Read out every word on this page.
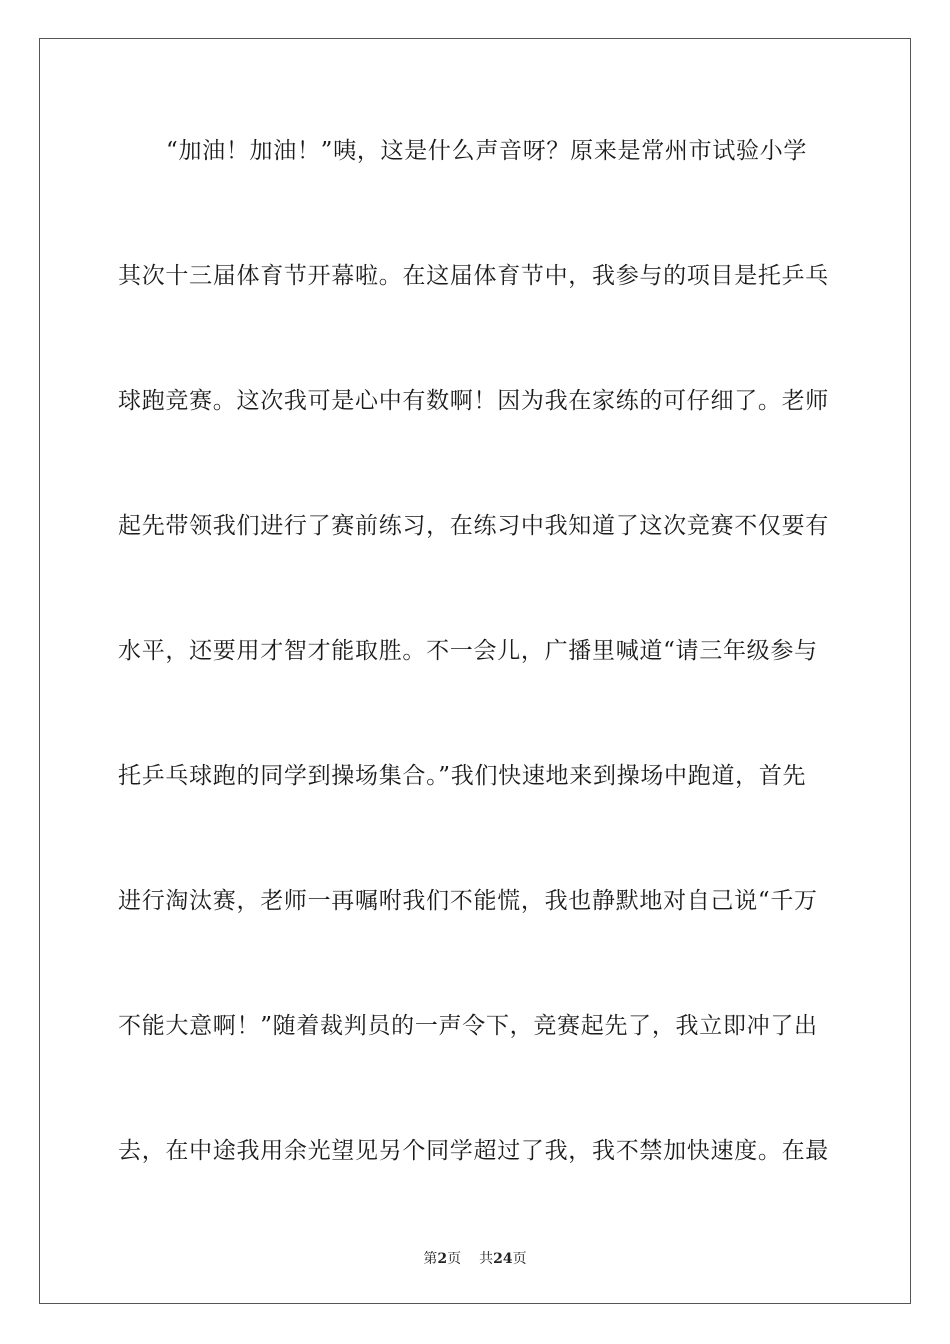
“加油！加油！”咦，这是什么声音呀？原来是常州市试验小学
其次十三届体育节开幕啦。在这届体育节中，我参与的项目是托乒乓
球跑竞赛。这次我可是心中有数啊！因为我在家练的可仔细了。老师
起先带领我们进行了赛前练习，在练习中我知道了这次竞赛不仅要有
水平，还要用才智才能取胜。不一会儿，广播里喊道“请三年级参与
托乒乓球跑的同学到操场集合。”我们快速地来到操场中跑道，首先
进行淘汰赛，老师一再嘱咐我们不能慌，我也静默地对自己说“千万
不能大意啊！”随着裁判员的一声令下，竞赛起先了，我立即冲了出
去，在中途我用余光望见另个同学超过了我，我不禁加快速度。在最
第2页 共24页
